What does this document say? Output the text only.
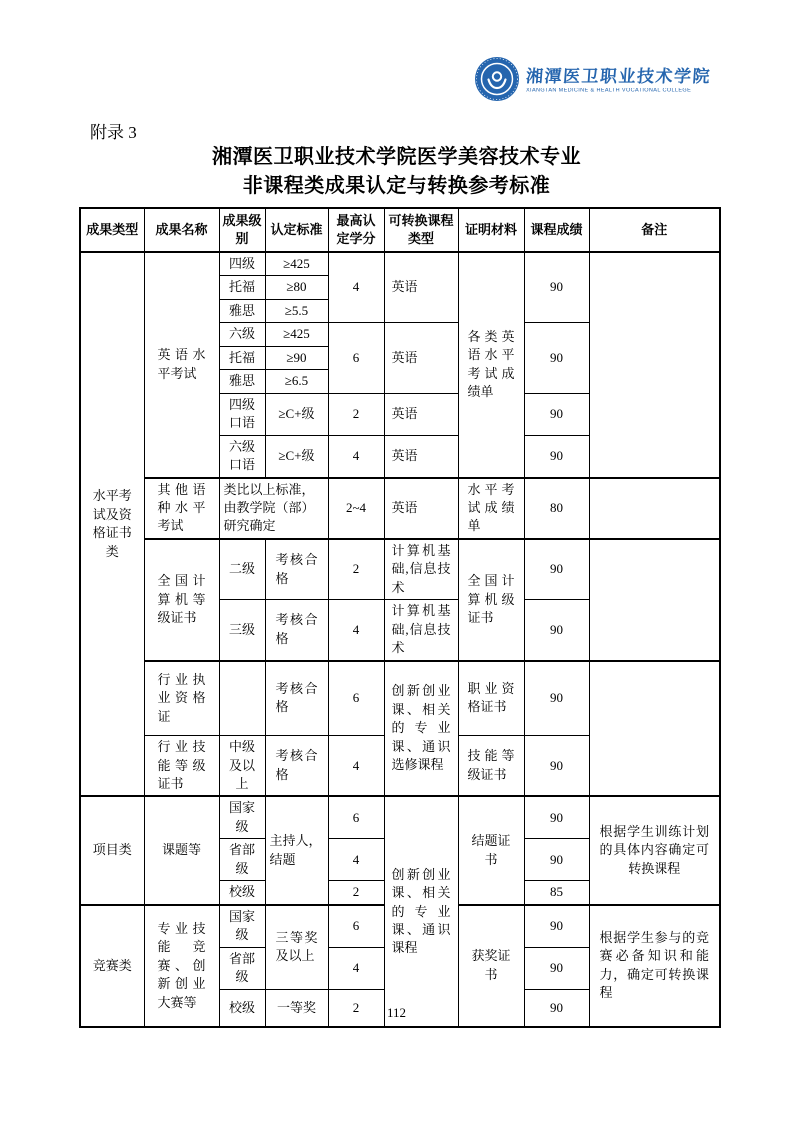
湘潭医卫职业技术学院
XIANGTAN MEDICINE & HEALTH VOCATIONAL COLLEGE
附录 3
湘潭医卫职业技术学院医学美容技术专业
非课程类成果认定与转换参考标准
成果类型	成果名称	成果级别	认定标准	最高认定学分	可转换课程类型	证明材料	课程成绩	备注
水平考试及资格证书类	英语水平考试	四级	≥425	4	英语	各类英语水平考试成绩单	90	
		托福	≥80					
		雅思	≥5.5					
		六级	≥425	6	英语		90	
		托福	≥90					
		雅思	≥6.5					
		四级口语	≥C+级	2	英语		90	
		六级口语	≥C+级	4	英语		90	
	其他语种水平考试	类比以上标准，由教学院（部）研究确定		2~4	英语	水平考试成绩单	80	
	全国计算机等级证书	二级	考核合格	2	计算机基础,信息技术	全国计算机级证书	90	
		三级	考核合格	4	计算机基础,信息技术		90	
	行业执业资格证		考核合格	6	创新创业课、相关的专业课、通识选修课程	职业资格证书	90	
	行业技能等级证书	中级及以上	考核合格	4		技能等级证书	90	
项目类	课题等	国家级	主持人，结题	6	创新创业课、相关的专业课、通识课程	结题证书	90	根据学生训练计划的具体内容确定可转换课程
		省部级		4			90	
		校级		2			85	
竞赛类	专业技能竞赛、创新创业大赛等	国家级	三等奖及以上	6		获奖证书	90	根据学生参与的竞赛必备知识和能力，确定可转换课程
		省部级		4			90	
		校级	一等奖	2			90	
112
